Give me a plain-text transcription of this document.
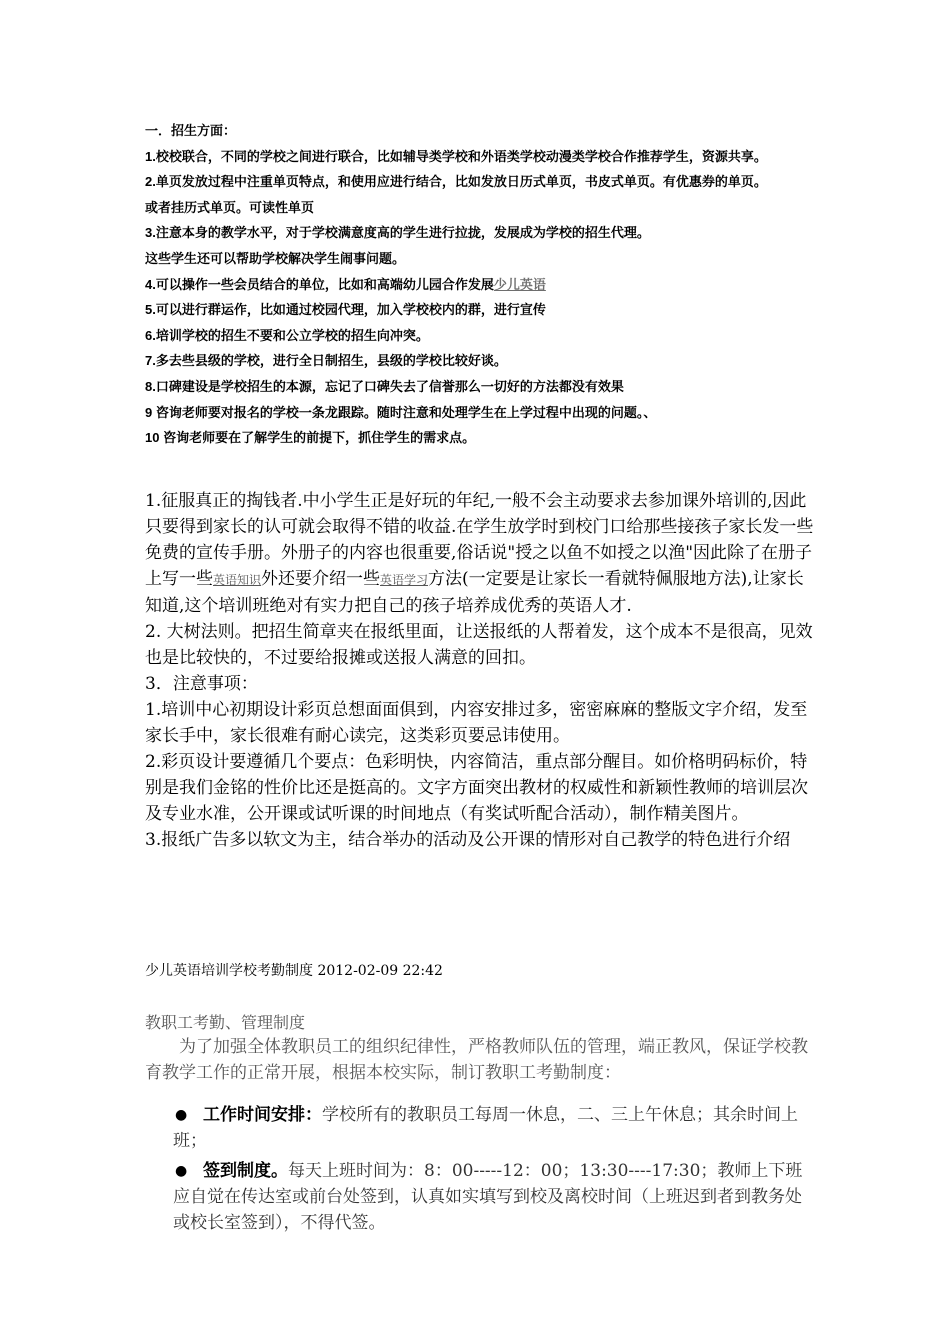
一．招生方面：
1.校校联合，不同的学校之间进行联合，比如辅导类学校和外语类学校动漫类学校合作推荐学生，资源共享。
2.单页发放过程中注重单页特点，和使用应进行结合，比如发放日历式单页，书皮式单页。有优惠券的单页。
或者挂历式单页。可读性单页
3.注意本身的教学水平，对于学校满意度高的学生进行拉拢，发展成为学校的招生代理。
这些学生还可以帮助学校解决学生闹事问题。
4.可以操作一些会员结合的单位，比如和高端幼儿园合作发展少儿英语
5.可以进行群运作，比如通过校园代理，加入学校校内的群，进行宣传
6.培训学校的招生不要和公立学校的招生向冲突。
7.多去些县级的学校，进行全日制招生，县级的学校比较好谈。
8.口碑建设是学校招生的本源，忘记了口碑失去了信誉那么一切好的方法都没有效果
9 咨询老师要对报名的学校一条龙跟踪。随时注意和处理学生在上学过程中出现的问题。、
10 咨询老师要在了解学生的前提下，抓住学生的需求点。

1.征服真正的掏钱者.中小学生正是好玩的年纪,一般不会主动要求去参加课外培训的,因此只要得到家长的认可就会取得不错的收益.在学生放学时到校门口给那些接孩子家长发一些免费的宣传手册。外册子的内容也很重要,俗话说"授之以鱼不如授之以渔"因此除了在册子上写一些英语知识外还要介绍一些英语学习方法(一定要是让家长一看就特佩服地方法),让家长知道,这个培训班绝对有实力把自己的孩子培养成优秀的英语人才.

2. 大树法则。把招生简章夹在报纸里面，让送报纸的人帮着发，这个成本不是很高，见效也是比较快的，不过要给报摊或送报人满意的回扣。

3．注意事项：

1.培训中心初期设计彩页总想面面俱到，内容安排过多，密密麻麻的整版文字介绍，发至家长手中，家长很难有耐心读完，这类彩页要忌讳使用。

2.彩页设计要遵循几个要点：色彩明快，内容简洁，重点部分醒目。如价格明码标价，特别是我们金铭的性价比还是挺高的。文字方面突出教材的权威性和新颖性教师的培训层次及专业水准，公开课或试听课的时间地点（有奖试听配合活动），制作精美图片。

3.报纸广告多以软文为主，结合举办的活动及公开课的情形对自己教学的特色进行介绍

少儿英语培训学校考勤制度 2012-02-09 22:42
教职工考勤、管理制度

为了加强全体教职员工的组织纪律性，严格教师队伍的管理，端正教风，保证学校教育教学工作的正常开展，根据本校实际，制订教职工考勤制度：

● 工作时间安排：学校所有的教职员工每周一休息，二、三上午休息；其余时间上班；
● 签到制度。每天上班时间为：8：00-----12：00；13:30----17:30；教师上下班应自觉在传达室或前台处签到，认真如实填写到校及离校时间（上班迟到者到教务处或校长室签到），不得代签。
